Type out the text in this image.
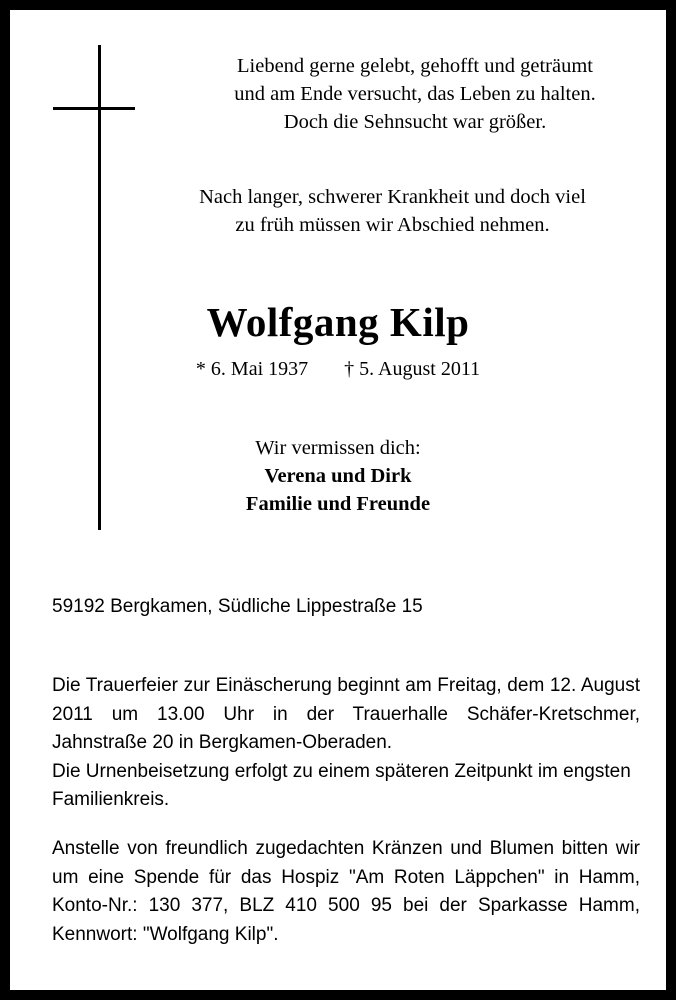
Liebend gerne gelebt, gehofft und geträumt
und am Ende versucht, das Leben zu halten.
Doch die Sehnsucht war größer.
Nach langer, schwerer Krankheit und doch viel
zu früh müssen wir Abschied nehmen.
Wolfgang Kilp
* 6. Mai 1937 † 5. August 2011
Wir vermissen dich:
Verena und Dirk
Familie und Freunde
59192 Bergkamen, Südliche Lippestraße 15
Die Trauerfeier zur Einäscherung beginnt am Freitag, dem 12. August 2011 um 13.00 Uhr in der Trauerhalle Schäfer-Kretschmer, Jahnstraße 20 in Bergkamen-Oberaden.
Die Urnenbeisetzung erfolgt zu einem späteren Zeitpunkt im engsten Familienkreis.
Anstelle von freundlich zugedachten Kränzen und Blumen bitten wir um eine Spende für das Hospiz "Am Roten Läppchen" in Hamm, Konto-Nr.: 130 377, BLZ 410 500 95 bei der Sparkasse Hamm, Kennwort: "Wolfgang Kilp".
